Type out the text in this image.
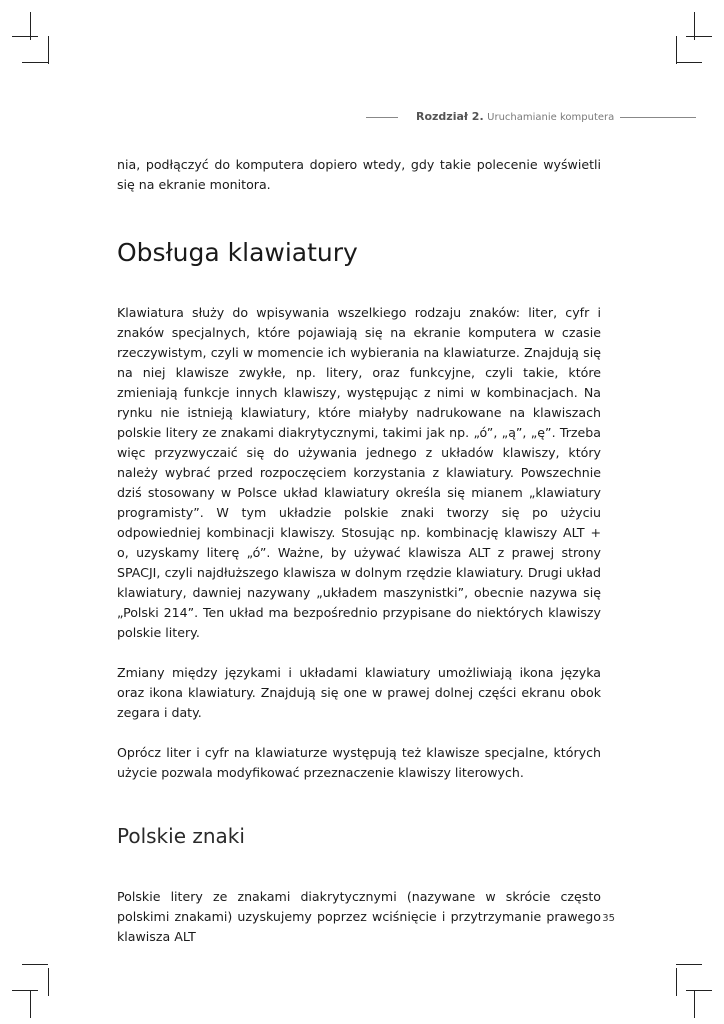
Rozdział 2. Uruchamianie komputera

nia, podłączyć do komputera dopiero wtedy, gdy takie polecenie wyświetli się na ekranie monitora.

Obsługa klawiatury

Klawiatura służy do wpisywania wszelkiego rodzaju znaków: liter, cyfr i znaków specjalnych, które pojawiają się na ekranie komputera w czasie rzeczywistym, czyli w momencie ich wybierania na klawiaturze. Znajdują się na niej klawisze zwykłe, np. litery, oraz funkcyjne, czyli takie, które zmieniają funkcje innych klawiszy, występując z nimi w kombinacjach. Na rynku nie istnieją klawiatury, które miałyby nadrukowane na klawiszach polskie litery ze znakami diakrytycznymi, takimi jak np. „ó”, „ą”, „ę”. Trzeba więc przyzwyczaić się do używania jednego z układów klawiszy, który należy wybrać przed rozpoczęciem korzystania z klawiatury. Powszechnie dziś stosowany w Polsce układ klawiatury określa się mianem „klawiatury programisty”. W tym układzie polskie znaki tworzy się po użyciu odpowiedniej kombinacji klawiszy. Stosując np. kombinację klawiszy ALT + o, uzyskamy literę „ó”. Ważne, by używać klawisza ALT z prawej strony SPACJI, czyli najdłuższego klawisza w dolnym rzędzie klawiatury. Drugi układ klawiatury, dawniej nazywany „układem maszynistki”, obecnie nazywa się „Polski 214”. Ten układ ma bezpośrednio przypisane do niektórych klawiszy polskie litery.

Zmiany między językami i układami klawiatury umożliwiają ikona języka oraz ikona klawiatury. Znajdują się one w prawej dolnej części ekranu obok zegara i daty.

Oprócz liter i cyfr na klawiaturze występują też klawisze specjalne, których użycie pozwala modyfikować przeznaczenie klawiszy literowych.

Polskie znaki

Polskie litery ze znakami diakrytycznymi (nazywane w skrócie często polskimi znakami) uzyskujemy poprzez wciśnięcie i przytrzymanie prawego klawisza ALT

35
